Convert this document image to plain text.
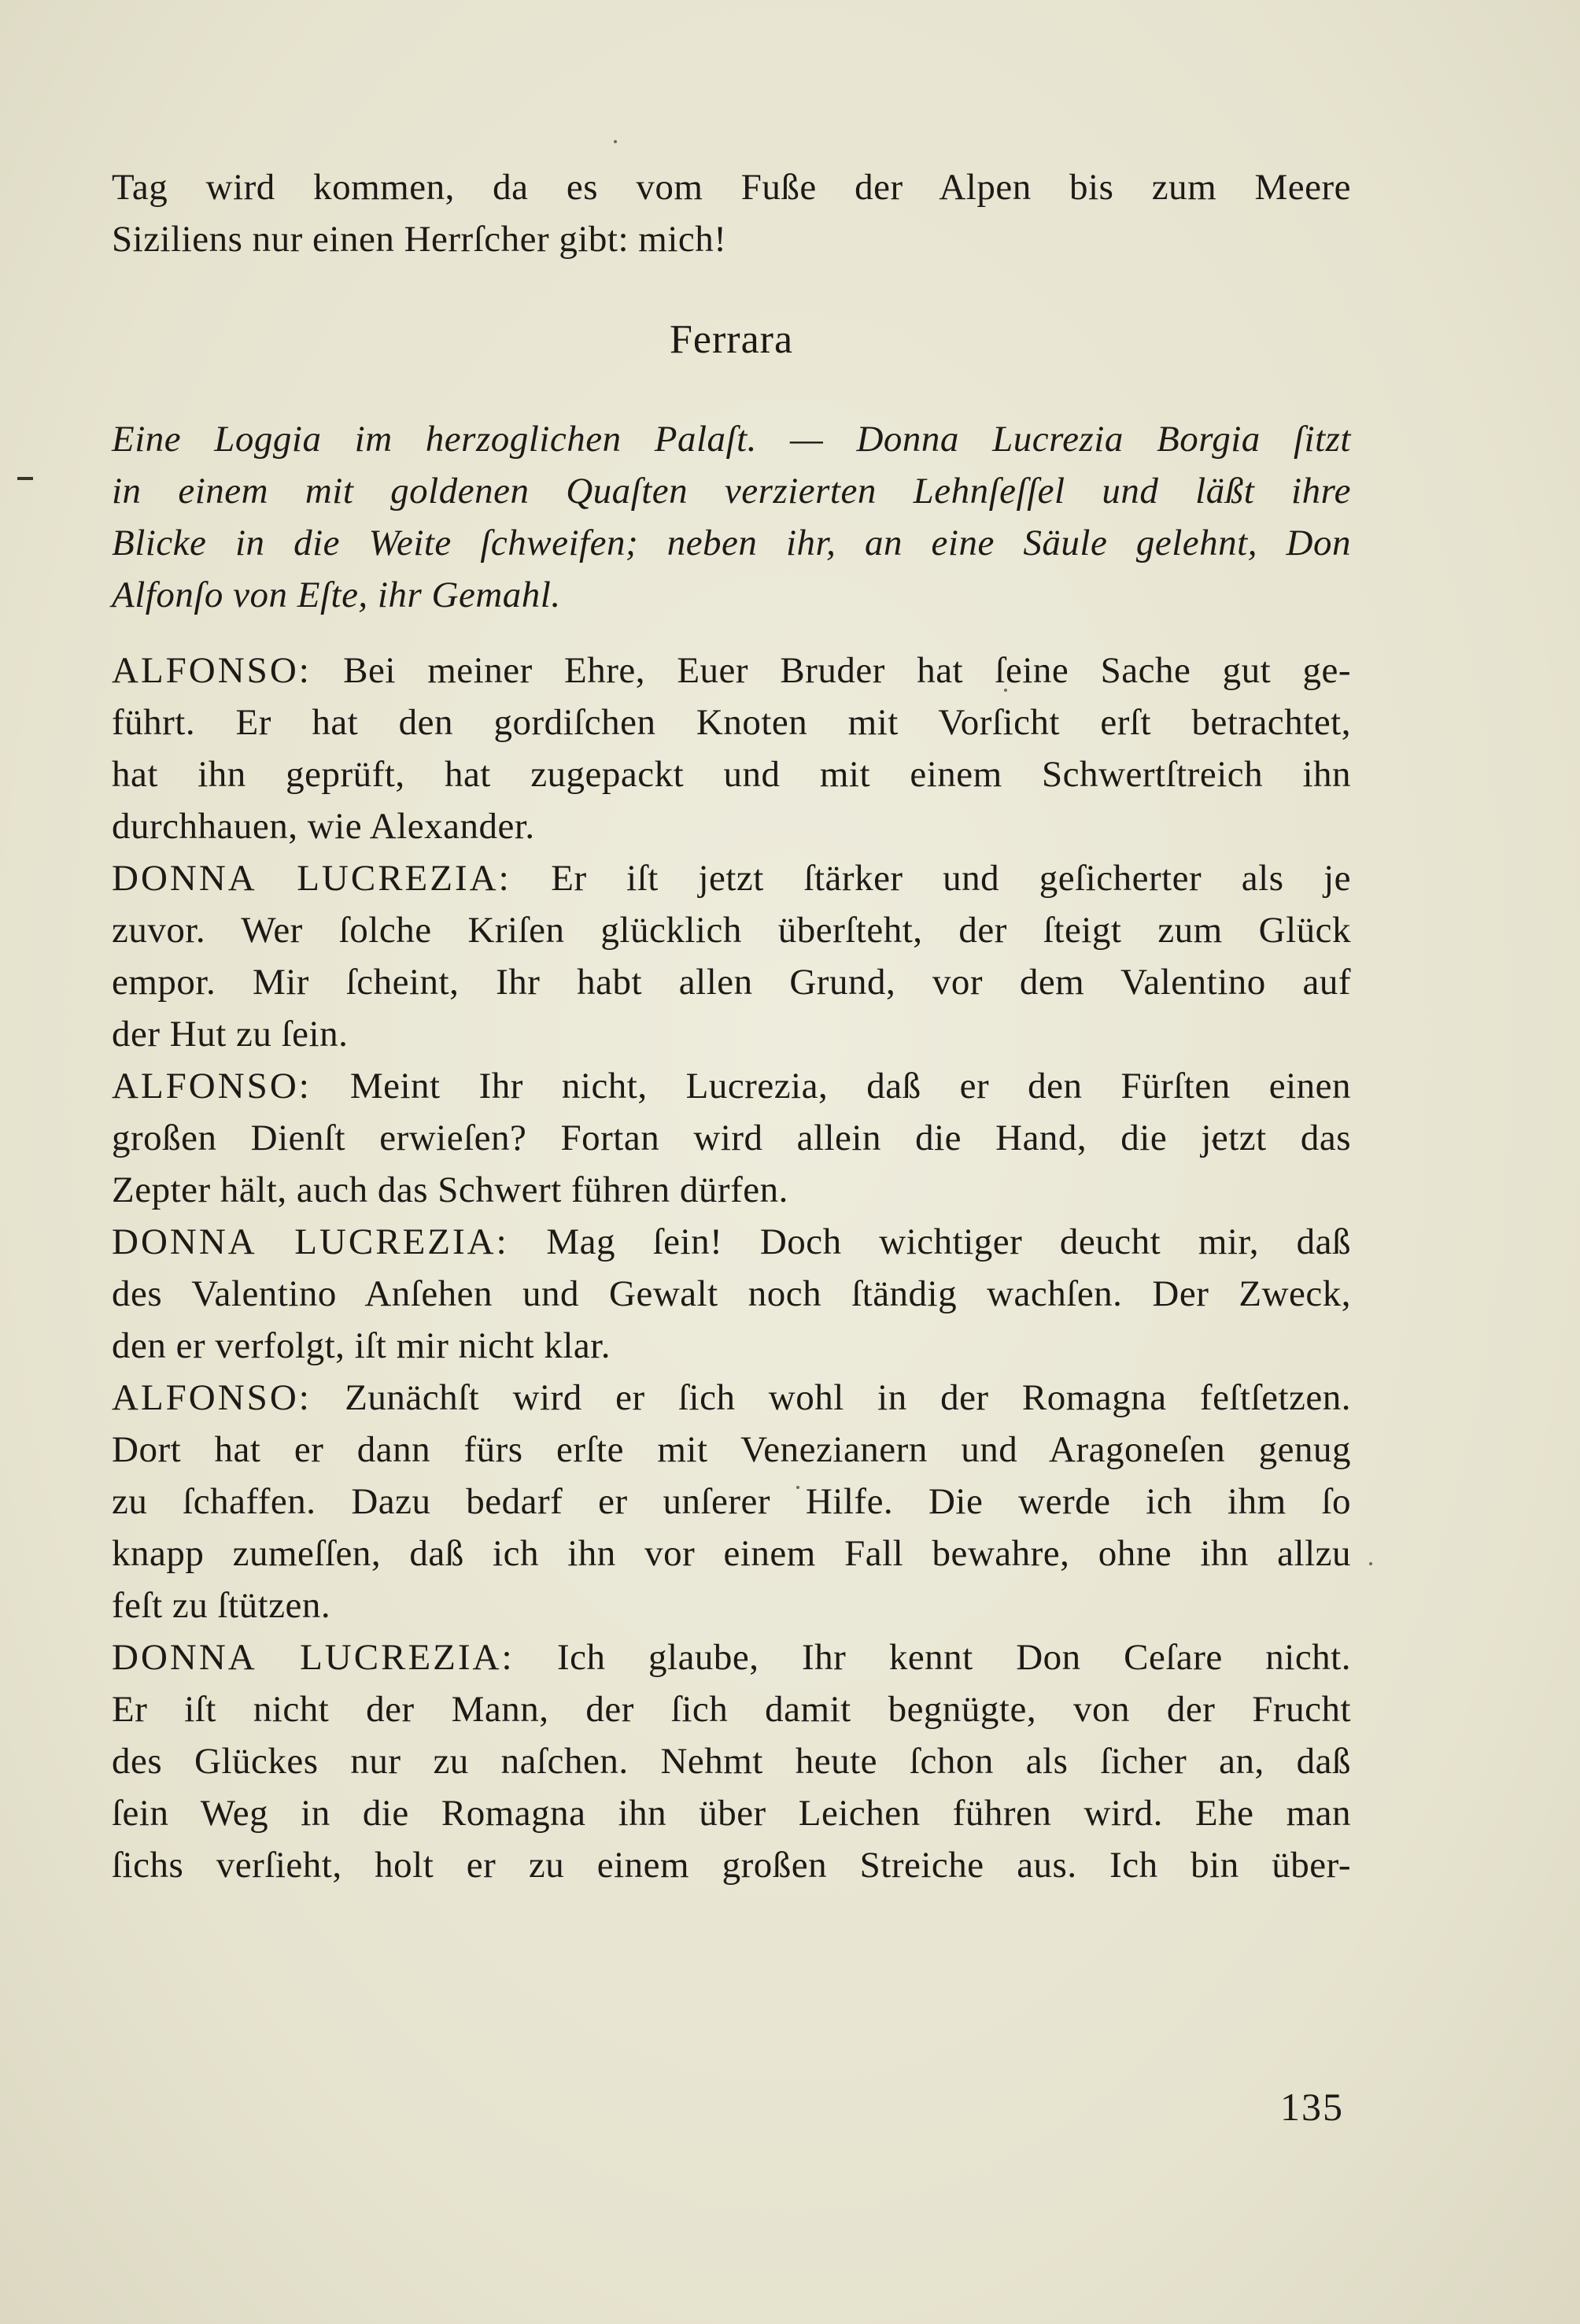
Tag wird kommen, da es vom Fuße der Alpen bis zum Meere
Siziliens nur einen Herrſcher gibt: mich!
Ferrara
Eine Loggia im herzoglichen Palaſt. — Donna Lucrezia Borgia ſitzt
in einem mit goldenen Quaſten verzierten Lehnſeſſel und läßt ihre
Blicke in die Weite ſchweifen; neben ihr, an eine Säule gelehnt, Don
Alfonſo von Eſte, ihr Gemahl.
ALFONSO: Bei meiner Ehre, Euer Bruder hat ſeine Sache gut ge-
führt. Er hat den gordiſchen Knoten mit Vorſicht erſt betrachtet,
hat ihn geprüft, hat zugepackt und mit einem Schwertſtreich ihn
durchhauen, wie Alexander.
DONNA LUCREZIA: Er iſt jetzt ſtärker und geſicherter als je
zuvor. Wer ſolche Kriſen glücklich überſteht, der ſteigt zum Glück
empor. Mir ſcheint, Ihr habt allen Grund, vor dem Valentino auf
der Hut zu ſein.
ALFONSO: Meint Ihr nicht, Lucrezia, daß er den Fürſten einen
großen Dienſt erwieſen? Fortan wird allein die Hand, die jetzt das
Zepter hält, auch das Schwert führen dürfen.
DONNA LUCREZIA: Mag ſein! Doch wichtiger deucht mir, daß
des Valentino Anſehen und Gewalt noch ſtändig wachſen. Der Zweck,
den er verfolgt, iſt mir nicht klar.
ALFONSO: Zunächſt wird er ſich wohl in der Romagna feſtſetzen.
Dort hat er dann fürs erſte mit Venezianern und Aragoneſen genug
zu ſchaffen. Dazu bedarf er unſerer Hilfe. Die werde ich ihm ſo
knapp zumeſſen, daß ich ihn vor einem Fall bewahre, ohne ihn allzu
feſt zu ſtützen.
DONNA LUCREZIA: Ich glaube, Ihr kennt Don Ceſare nicht.
Er iſt nicht der Mann, der ſich damit begnügte, von der Frucht
des Glückes nur zu naſchen. Nehmt heute ſchon als ſicher an, daß
ſein Weg in die Romagna ihn über Leichen führen wird. Ehe man
ſichs verſieht, holt er zu einem großen Streiche aus. Ich bin über-
135
